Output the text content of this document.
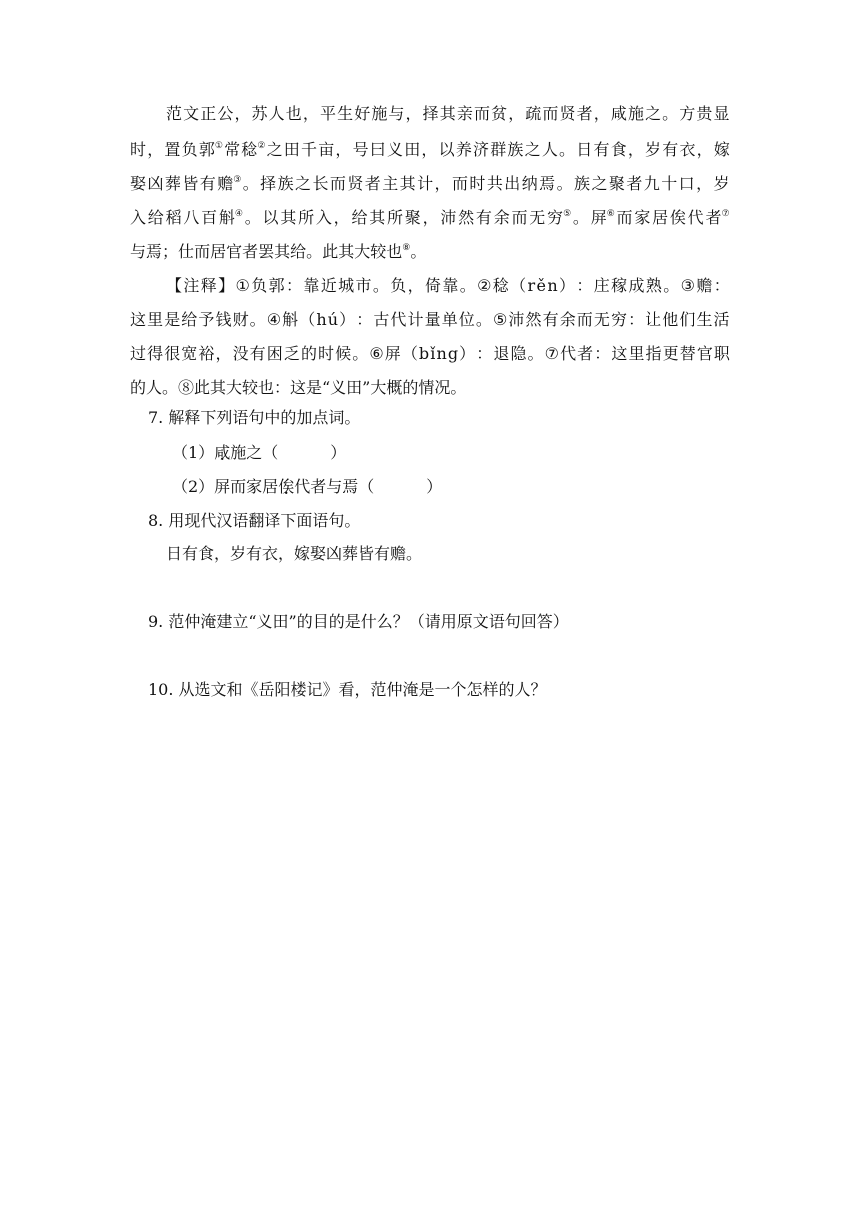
范 文 正 公 ， 苏 人 也 ， 平 生 好 施 与 ， 择 其 亲 而 贫 ， 疏 而 贤 者 ， 咸 施 之 。 方 贵 显
时 ， 置 负 郭① 常 稔② 之 田 千 亩 ， 号 曰 义 田 ， 以 养 济 群 族 之 人 。 日 有 食 ， 岁 有 衣 ， 嫁
娶 凶 葬 皆 有 赡③ 。 择 族 之 长 而 贤 者 主 其 计 ， 而 时 共 出 纳 焉 。 族 之 聚 者 九 十 口 ， 岁
入 给 稻 八 百 斛④ 。 以 其 所 入 ， 给 其 所 聚 ， 沛 然 有 余 而 无 穷⑤ 。 屏⑥ 而 家 居 俟 代 者⑦
与焉；仕而居官者罢其给。此其大较也⑧。
【 注 释 】 ① 负 郭 ： 靠 近 城 市 。 负 ， 倚 靠 。 ② 稔 （ r ě n ） ： 庄 稼 成 熟 。 ③ 赡 ：
这 里 是 给 予 钱 财 。 ④ 斛 （ h ú ） ： 古 代 计 量 单 位 。 ⑤ 沛 然 有 余 而 无 穷 ： 让 他 们 生 活
过 得 很 宽 裕 ， 没 有 困 乏 的 时 候 。 ⑥ 屏 （ b ǐ n g ） ： 退 隐 。 ⑦ 代 者 ： 这 里 指 更 替 官 职
的人。⑧此其大较也：这是“义田”大概的情况。
7. 解释下列语句中的加点词。
（1）咸施之（	）
（2）屏而家居俟代者与焉（	）
8. 用现代汉语翻译下面语句。
日有食，岁有衣，嫁娶凶葬皆有赡。
9. 范仲淹建立“义田”的目的是什么？（请用原文语句回答）
10. 从选文和《岳阳楼记》看，范仲淹是一个怎样的人？
